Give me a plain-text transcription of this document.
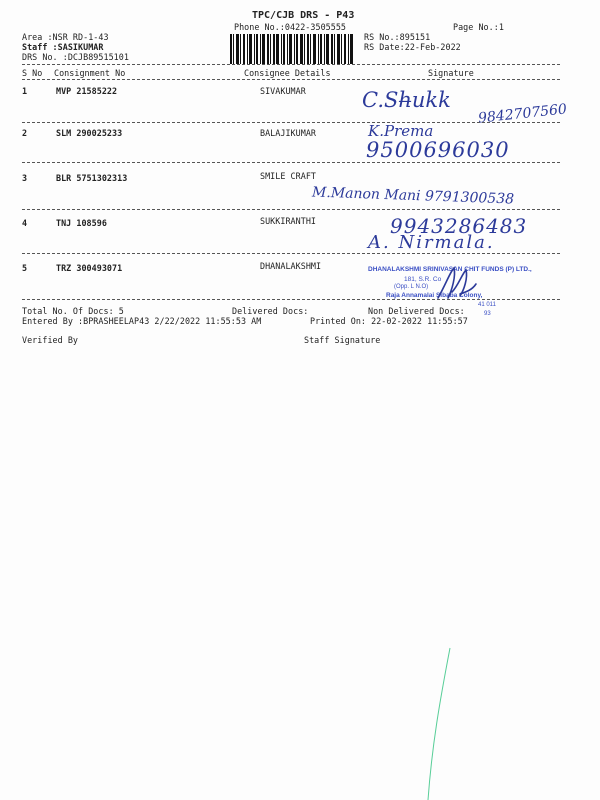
TPC/CJB DRS - P43
Phone No.:0422-3505555	Page No.:1
Area :NSR RD-1-43
Staff :SASIKUMAR
DRS No. :DCJB89515101
RS No.:895151
RS Date:22-Feb-2022
S No Consignment No	Consignee Details	Signature
1	MVP 21585222	SIVAKUMAR	C.Sh̶ukk
9842707560
2	SLM 290025233	BALAJIKUMAR	K.Prema
9500696030
3	BLR 5751302313	SMILE CRAFT
M.Manon Mani 9791300538
4	TNJ 108596	SUKKIRANTHI	9943286483
A. Nirmala.
5	TRZ 300493071	DHANALAKSHMI	DHANALAKSHMI SRINIVASAN CHIT FUNDS (P) LTD.,
181, S.R. Co
(Opp. L N.O)
Raja Annamalai Sibaba Colony,
41 011
93
Total No. Of Docs: 5	Delivered Docs:	Non Delivered Docs:
Entered By :BPRASHEELAP43 2/22/2022 11:55:53 AM	Printed On: 22-02-2022 11:55:57
Verified By	Staff Signature
